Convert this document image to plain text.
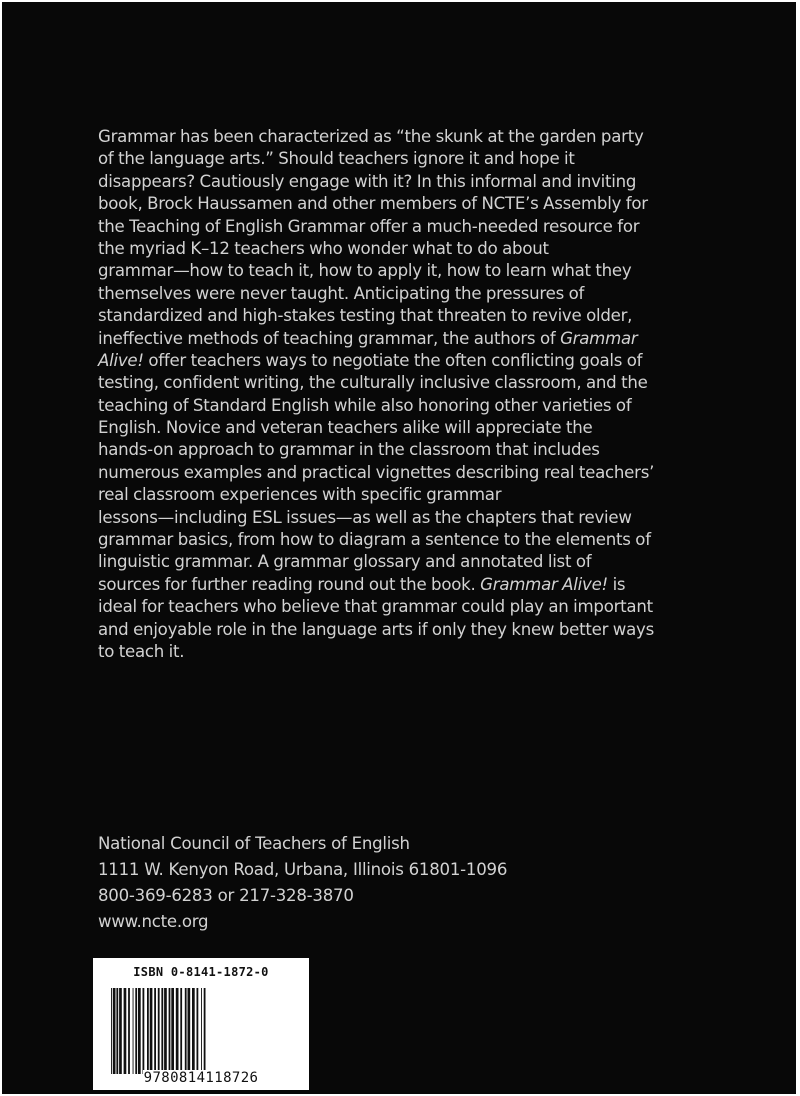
Grammar has been characterized as “the skunk at the garden party
of the language arts.” Should teachers ignore it and hope it
disappears? Cautiously engage with it? In this informal and inviting
book, Brock Haussamen and other members of NCTE’s Assembly for
the Teaching of English Grammar offer a much-needed resource for
the myriad K–12 teachers who wonder what to do about
grammar—how to teach it, how to apply it, how to learn what they
themselves were never taught. Anticipating the pressures of
standardized and high-stakes testing that threaten to revive older,
ineffective methods of teaching grammar, the authors of Grammar
Alive! offer teachers ways to negotiate the often conflicting goals of
testing, confident writing, the culturally inclusive classroom, and the
teaching of Standard English while also honoring other varieties of
English. Novice and veteran teachers alike will appreciate the
hands-on approach to grammar in the classroom that includes
numerous examples and practical vignettes describing real teachers’
real classroom experiences with specific grammar
lessons—including ESL issues—as well as the chapters that review
grammar basics, from how to diagram a sentence to the elements of
linguistic grammar. A grammar glossary and annotated list of
sources for further reading round out the book. Grammar Alive! is
ideal for teachers who believe that grammar could play an important
and enjoyable role in the language arts if only they knew better ways
to teach it.
National Council of Teachers of English
1111 W. Kenyon Road, Urbana, Illinois 61801-1096
800-369-6283 or 217-328-3870
www.ncte.org
ISBN 0-8141-1872-0
9780814118726
